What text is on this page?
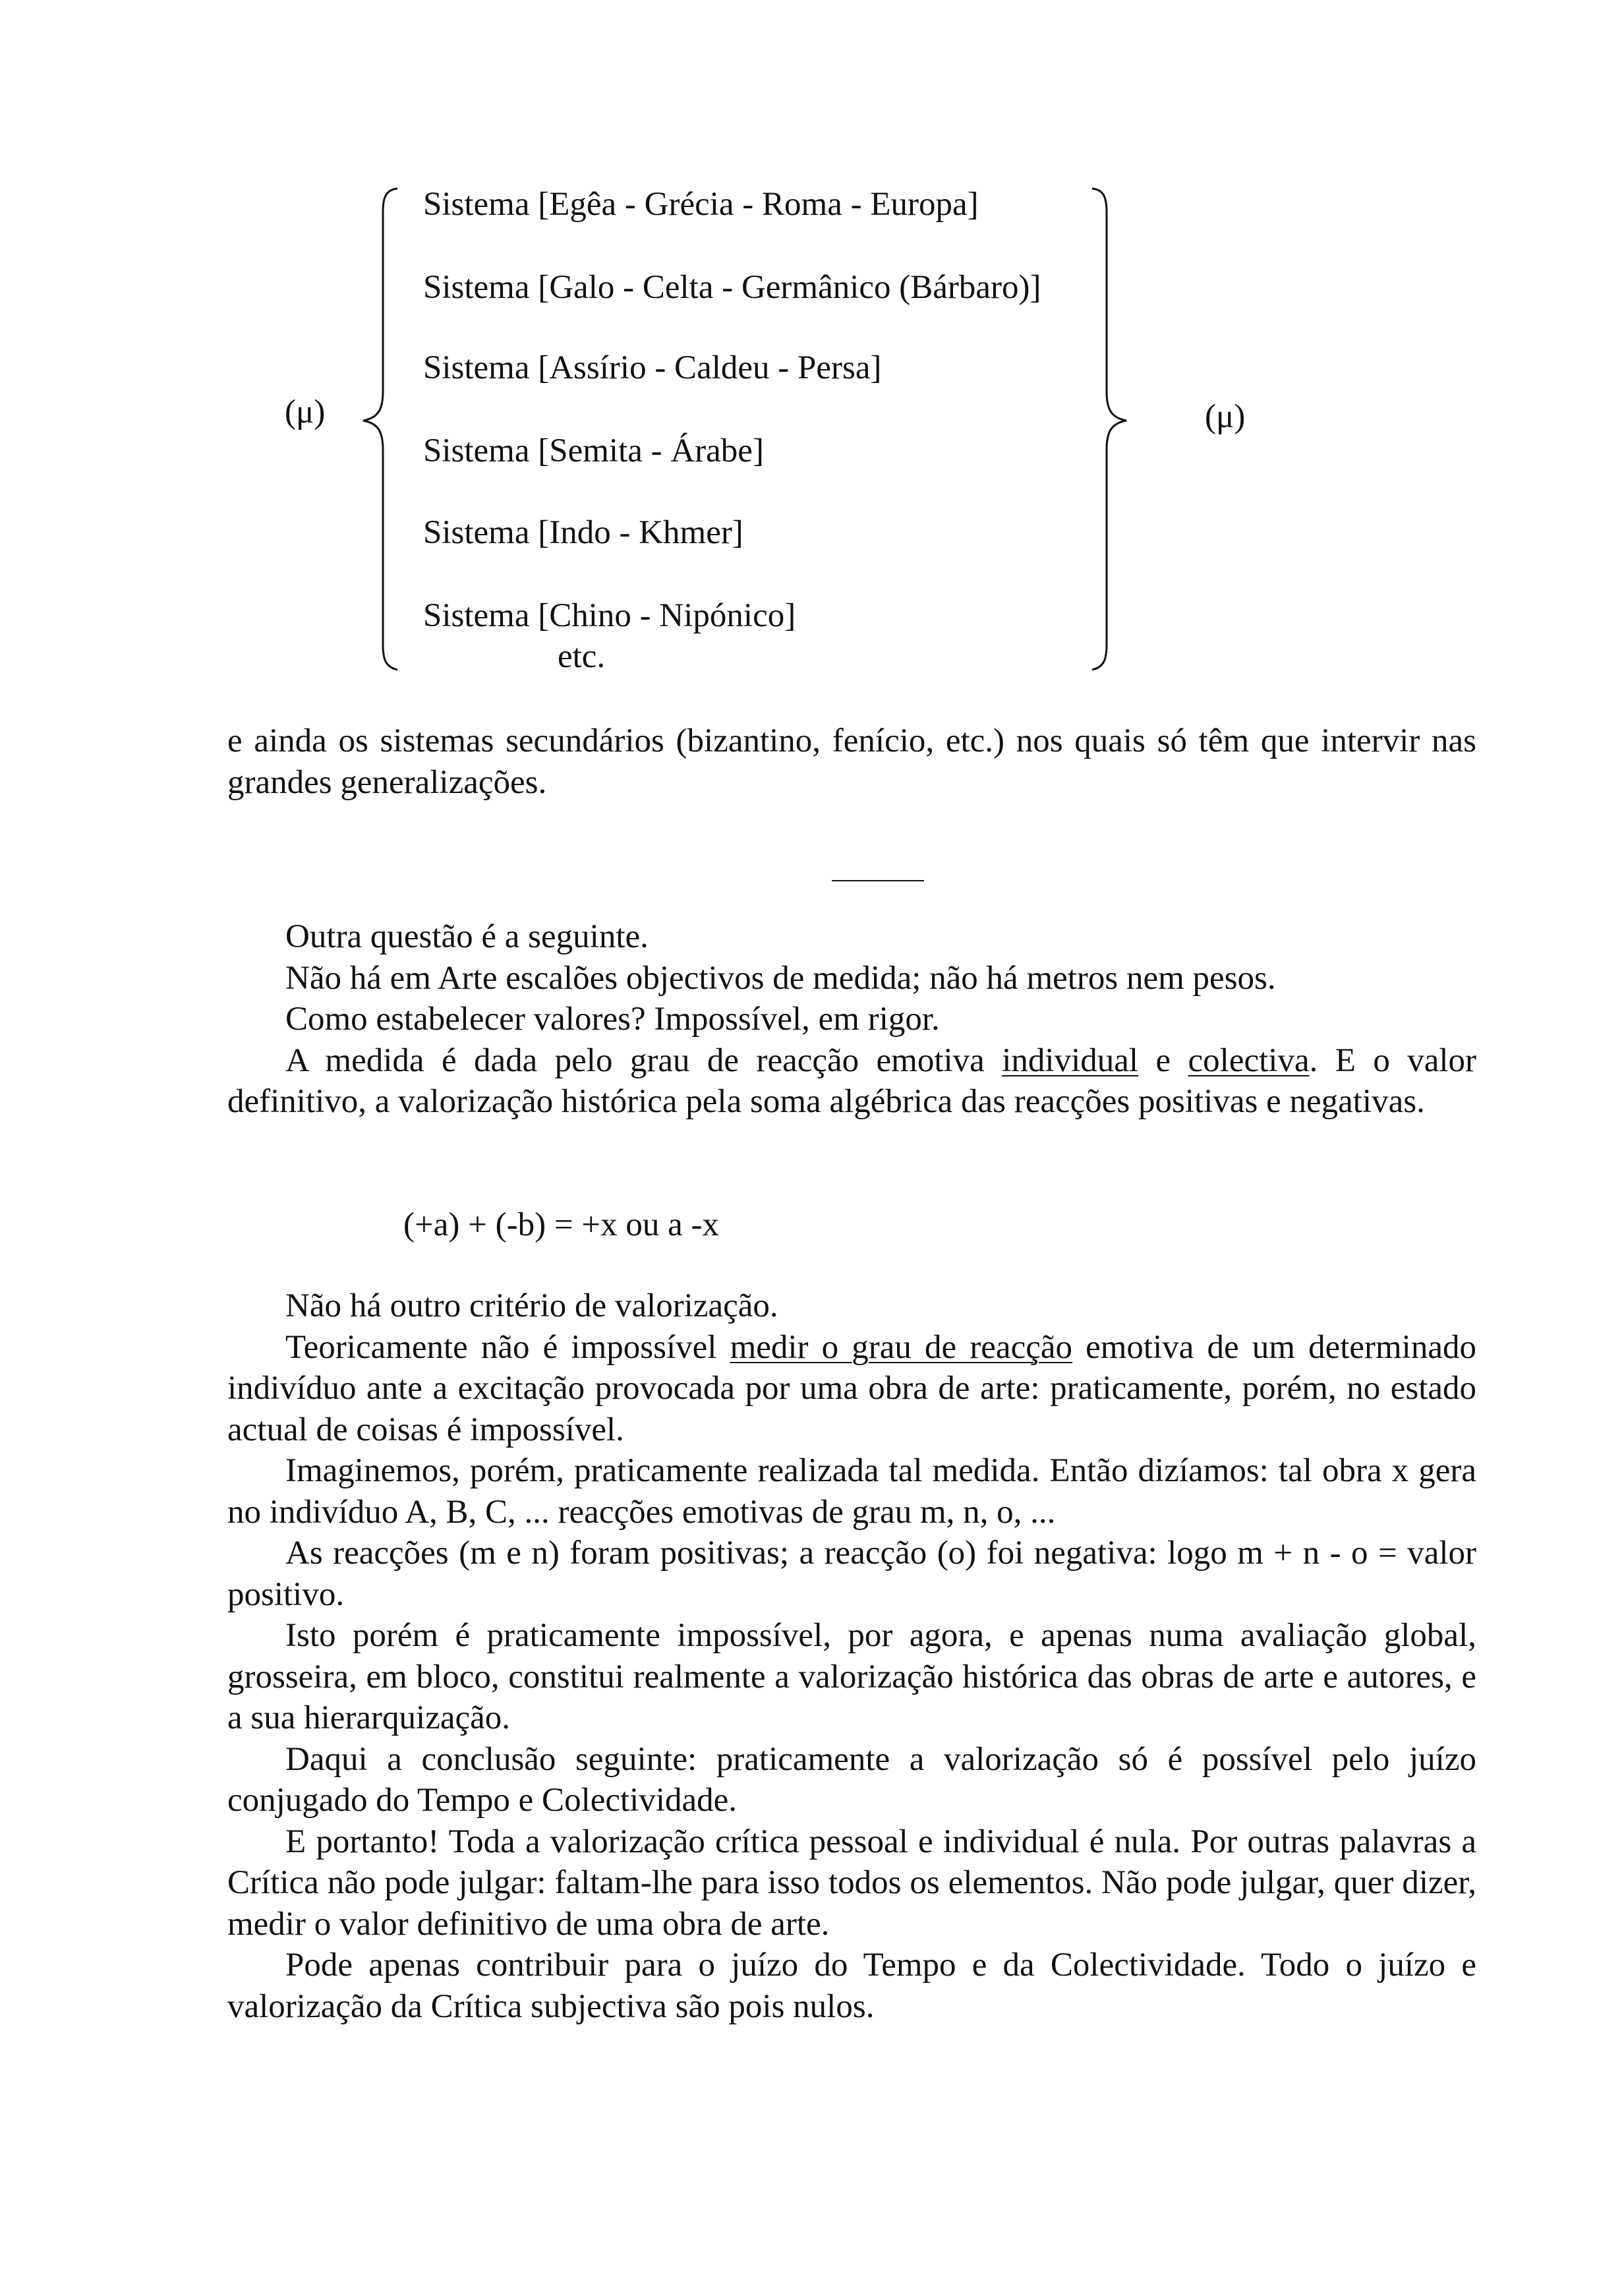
(μ)
Sistema [Egêa - Grécia - Roma - Europa]
Sistema [Galo - Celta - Germânico (Bárbaro)]
Sistema [Assírio - Caldeu - Persa]
Sistema [Semita - Árabe]
Sistema [Indo - Khmer]
Sistema [Chino - Nipónico]
etc.
(μ)

e ainda os sistemas secundários (bizantino, fenício, etc.) nos quais só têm que intervir nas grandes generalizações.

Outra questão é a seguinte.

Não há em Arte escalões objectivos de medida; não há metros nem pesos.

Como estabelecer valores? Impossível, em rigor.

A medida é dada pelo grau de reacção emotiva individual e colectiva. E o valor definitivo, a valorização histórica pela soma algébrica das reacções positivas e negativas.

(+a) + (-b) = +x ou a -x

Não há outro critério de valorização.

Teoricamente não é impossível medir o grau de reacção emotiva de um determinado indivíduo ante a excitação provocada por uma obra de arte: praticamente, porém, no estado actual de coisas é impossível.

Imaginemos, porém, praticamente realizada tal medida. Então dizíamos: tal obra x gera no indivíduo A, B, C, ... reacções emotivas de grau m, n, o, ...

As reacções (m e n) foram positivas; a reacção (o) foi negativa: logo m + n - o = valor positivo.

Isto porém é praticamente impossível, por agora, e apenas numa avaliação global, grosseira, em bloco, constitui realmente a valorização histórica das obras de arte e autores, e a sua hierarquização.

Daqui a conclusão seguinte: praticamente a valorização só é possível pelo juízo conjugado do Tempo e Colectividade.

E portanto! Toda a valorização crítica pessoal e individual é nula. Por outras palavras a Crítica não pode julgar: faltam-lhe para isso todos os elementos. Não pode julgar, quer dizer, medir o valor definitivo de uma obra de arte.

Pode apenas contribuir para o juízo do Tempo e da Colectividade. Todo o juízo e valorização da Crítica subjectiva são pois nulos.
